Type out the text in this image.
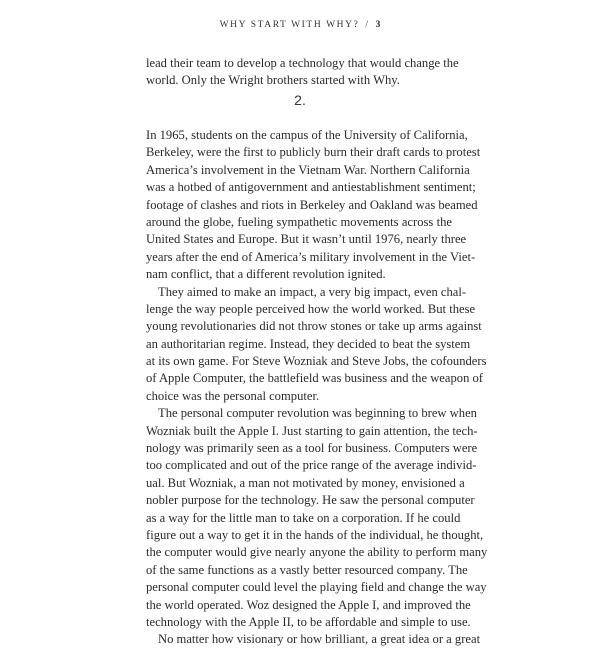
WHY START WITH WHY? / 3
lead their team to develop a technology that would change the
world. Only the Wright brothers started with Why.
2.
In 1965, students on the campus of the University of California,
Berkeley, were the first to publicly burn their draft cards to protest
America’s involvement in the Vietnam War. Northern California
was a hotbed of antigovernment and antiestablishment sentiment;
footage of clashes and riots in Berkeley and Oakland was beamed
around the globe, fueling sympathetic movements across the
United States and Europe. But it wasn’t until 1976, nearly three
years after the end of America’s military involvement in the Viet-
nam conflict, that a different revolution ignited.
They aimed to make an impact, a very big impact, even chal-
lenge the way people perceived how the world worked. But these
young revolutionaries did not throw stones or take up arms against
an authoritarian regime. Instead, they decided to beat the system
at its own game. For Steve Wozniak and Steve Jobs, the cofounders
of Apple Computer, the battlefield was business and the weapon of
choice was the personal computer.
The personal computer revolution was beginning to brew when
Wozniak built the Apple I. Just starting to gain attention, the tech-
nology was primarily seen as a tool for business. Computers were
too complicated and out of the price range of the average individ-
ual. But Wozniak, a man not motivated by money, envisioned a
nobler purpose for the technology. He saw the personal computer
as a way for the little man to take on a corporation. If he could
figure out a way to get it in the hands of the individual, he thought,
the computer would give nearly anyone the ability to perform many
of the same functions as a vastly better resourced company. The
personal computer could level the playing field and change the way
the world operated. Woz designed the Apple I, and improved the
technology with the Apple II, to be affordable and simple to use.
No matter how visionary or how brilliant, a great idea or a great
